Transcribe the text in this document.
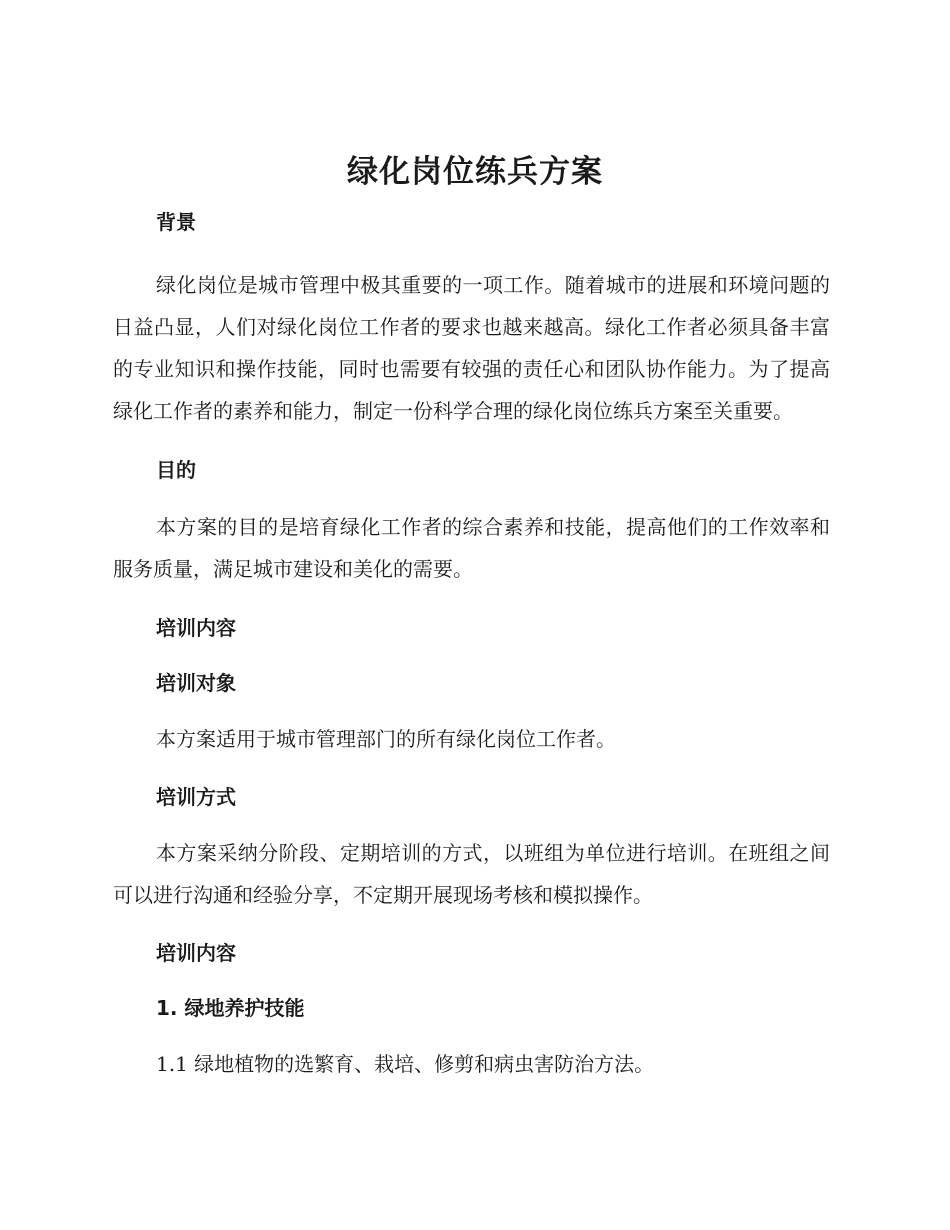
绿化岗位练兵方案
背景

绿化岗位是城市管理中极其重要的一项工作。随着城市的进展和环境问题的日益凸显，人们对绿化岗位工作者的要求也越来越高。绿化工作者必须具备丰富的专业知识和操作技能，同时也需要有较强的责任心和团队协作能力。为了提高绿化工作者的素养和能力，制定一份科学合理的绿化岗位练兵方案至关重要。

目的

本方案的目的是培育绿化工作者的综合素养和技能，提高他们的工作效率和服务质量，满足城市建设和美化的需要。

培训内容
培训对象

本方案适用于城市管理部门的所有绿化岗位工作者。

培训方式

本方案采纳分阶段、定期培训的方式，以班组为单位进行培训。在班组之间可以进行沟通和经验分享，不定期开展现场考核和模拟操作。

培训内容
1. 绿地养护技能

1.1 绿地植物的选繁育、栽培、修剪和病虫害防治方法。
